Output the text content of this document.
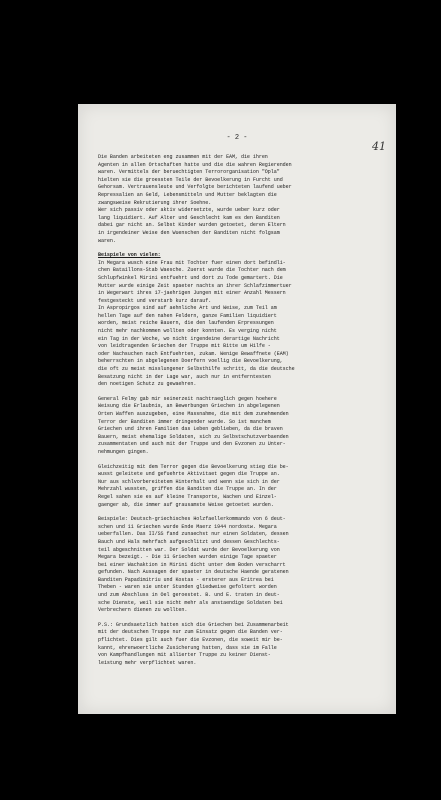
- 2 -
41

Die Banden arbeiteten eng zusammen mit der EAM, die ihren
Agenten in allen Ortschaften hatte und die die wahren Regierenden
waren. Vermittels der beruechtigten Terrororganisation "Opla"
hielten sie die groessten Teile der Bevoelkerung in Furcht und
Gehorsam. Vertrauensleute und Verfolgte berichteten laufend ueber
Repressalien an Geld, Lebensmitteln und Mutter beklagten die
zwangsweise Rekrutierung ihrer Soehne.
Wer sich passiv oder aktiv widersetzte, wurde ueber kurz oder
lang liquidiert. Auf Alter und Geschlecht kam es den Banditen
dabei gar nicht an. Selbst Kinder wurden getoetet, deren Eltern
in irgendeiner Weise den Wuenschen der Banditen nicht folgsam
waren.

Beispiele von vielen:

In Megara wusch eine Frau mit Tochter fuer einen dort befindli-
chen Bataillons-Stab Waesche. Zuerst wurde die Tochter nach dem
Schlupfwinkel Mirini entfuehrt und dort zu Tode gemartert. Die
Mutter wurde einige Zeit spaeter nachts an ihrer Schlafzimmertuer
in Wegerwart ihres 17-jaehrigen Jungen mit einer Anzahl Messern
festgesteckt und verstarb kurz darauf.
In Aspropirgos sind auf aehnliche Art und Weise, zum Teil am
hellen Tage auf den nahen Feldern, ganze Familien liquidiert
worden, meist reiche Bauern, die den laufenden Erpressungen
nicht mehr nachkommen wollten oder konnten. Es verging nicht
ein Tag in der Woche, wo nicht irgendeine derartige Nachricht
von leidtragenden Griechen der Truppe mit Bitte um Hilfe -
oder Nachsuchen nach Entfuehrten, zukam. Wenige Bewaffnete (EAM)
beherrschten in abgelegenen Doerfern voellig die Bevoelkerung,
die oft zu meist misslungener Selbsthilfe schritt, da die deutsche
Besatzung nicht in der Lage war, auch nur in entferntesten
den noetigen Schutz zu gewaehren.

General Felmy gab mir seinerzeit nachtraeglich gegen hoehere
Weisung die Erlaubnis, an Bewerbungen Griechen in abgelegenen
Orten Waffen auszugeben, eine Massnahme, die mit dem zunehmenden
Terror der Banditen immer dringender wurde. So ist manchem
Griechen und ihren Familien das Leben geblieben, da die braven
Bauern, meist ehemalige Soldaten, sich zu Selbstschutzverbaenden
zusammentaten und auch mit der Truppe und den Evzonen zu Unter-
nehmungen gingen.

Gleichzeitig mit dem Terror gegen die Bevoelkerung stieg die be-
wusst geleitete und gefuehrte Aktivitaet gegen die Truppe an.
Nur aus schlvorbereitetem Hinterhalt und wenn sie sich in der
Mehrzahl wussten, griffen die Banditen die Truppe an. In der
Regel sahen sie es auf kleine Transporte, Wachen und Einzel-
gaenger ab, die immer auf grausamste Weise getoetet wurden.

Beispiele: Deutsch-griechisches Holzfaellerkommando von 6 deut-
schen und 11 Griechen wurde Ende Maerz 1944 nordostw. Megara
ueberfallen. Das II/SS fand zunaechst nur einen Soldaten, dessen
Bauch und Hals mehrfach aufgeschlitzt und dessen Geschlechts-
teil abgeschnitten war. Der Soldat wurde der Bevoelkerung von
Megara bezeigt. - Die 11 Griechen wurden einige Tage spaeter
bei einer Wachaktion in Mirini dicht unter dem Boden verscharrt
gefunden. Nach Aussagen der spaeter in deutsche Haende geratenen
Banditen Papadimitriu und Kostas - ersterer aus Eritrea bei
Theben - waren sie unter Stunden gliedweise gefoltert worden
und zum Abschluss in Oel geroestet. B. und E. traten in deut-
sche Dienste, weil sie nicht mehr als anstaendige Soldaten bei
Verbrechern dienen zu wollten.

P.S.: Grundsaetzlich hatten sich die Griechen bei Zusammenarbeit
mit der deutschen Truppe nur zum Einsatz gegen die Banden ver-
pflichtet. Dies gilt auch fuer die Evzonen, die soweit mir be-
kannt, ehrenwoertliche Zusicherung hatten, dass sie im Falle
von Kampfhandlungen mit allierter Truppe zu keiner Dienst-
leistung mehr verpflichtet waren.
